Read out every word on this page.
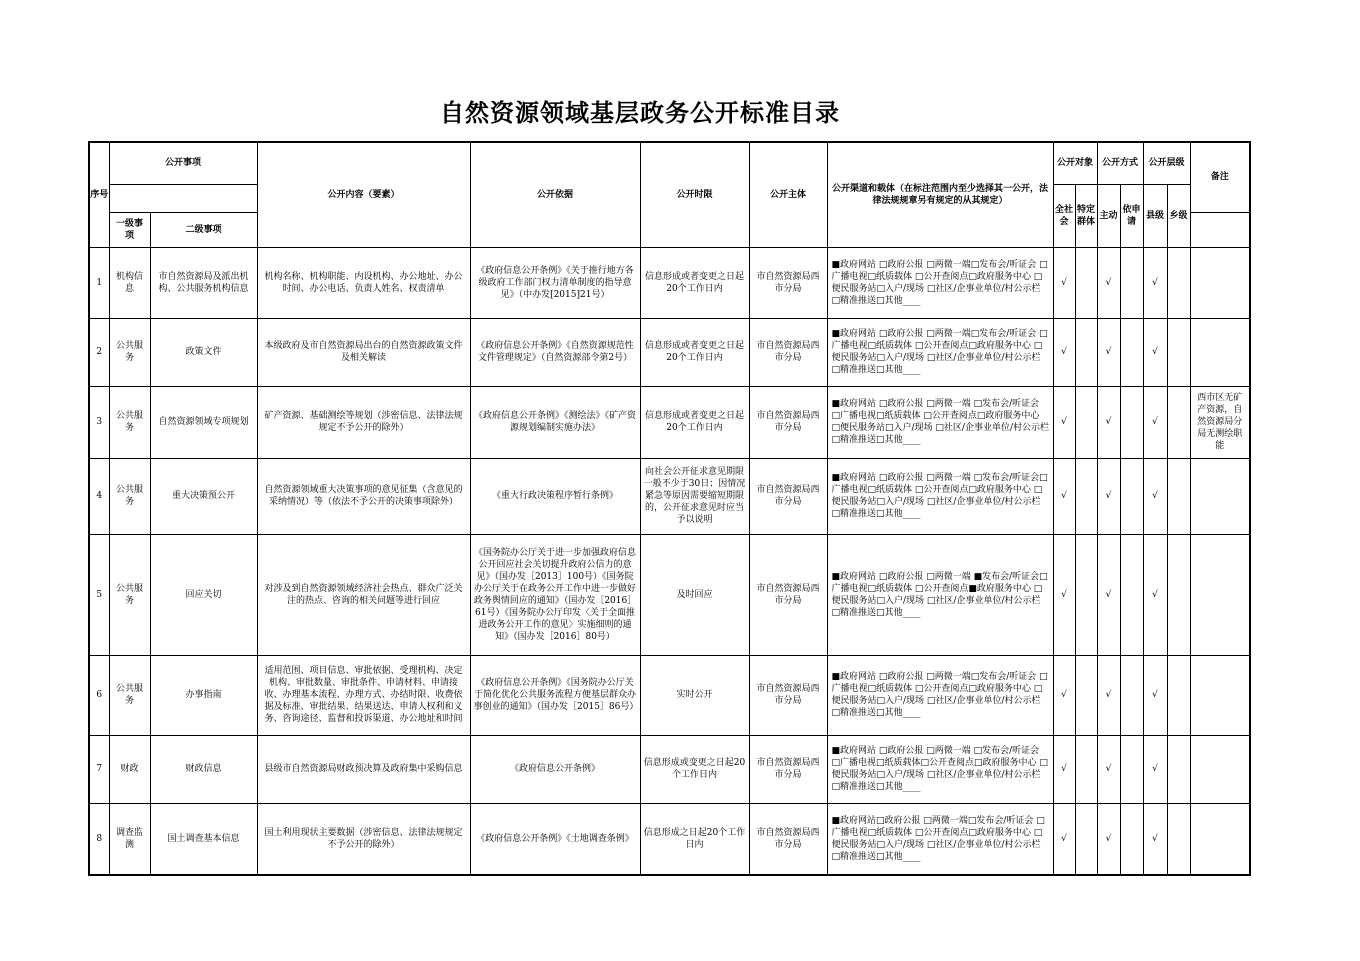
自然资源领域基层政务公开标准目录
序号	公开事项		公开内容（要素）	公开依据	公开时限	公开主体	公开渠道和载体（在标注范围内至少选择其一公开，法律法规规章另有规定的从其规定）	公开对象		公开方式		公开层级		备注
								全社会	特定群体	主动	依申请	县级	乡级	
	一级事项	二级事项												
1	机构信息	市自然资源局及派出机构、公共服务机构信息	机构名称、机构职能、内设机构、办公地址、办公时间、办公电话、负责人姓名、权责清单	《政府信息公开条例》《关于推行地方各级政府工作部门权力清单制度的指导意见》（中办发[2015]21号）	信息形成或者变更之日起20个工作日内	市自然资源局西市分局	■政府网站 □政府公报 □两微一端□发布会/听证会 □广播电视□纸质载体 □公开查阅点□政府服务中心 □便民服务站□入户/现场 □社区/企事业单位/村公示栏 □精准推送□其他____	√		√		√		
2	公共服务	政策文件	本级政府及市自然资源局出台的自然资源政策文件及相关解读	《政府信息公开条例》《自然资源规范性文件管理规定》（自然资源部令第2号）	信息形成或者变更之日起20个工作日内	市自然资源局西市分局	■政府网站 □政府公报 □两微一端□发布会/听证会 □广播电视□纸质载体 □公开查阅点□政府服务中心 □便民服务站□入户/现场 □社区/企事业单位/村公示栏 □精准推送□其他____	√		√		√		
3	公共服务	自然资源领域专项规划	矿产资源、基础测绘等规划（涉密信息、法律法规规定不予公开的除外）	《政府信息公开条例》《测绘法》《矿产资源规划编制实施办法》	信息形成或者变更之日起20个工作日内	市自然资源局西市分局	■政府网站 □政府公报 □两微一端 □发布会/听证会 □广播电视□纸质载体 □公开查阅点□政府服务中心 □便民服务站□入户/现场 □社区/企事业单位/村公示栏 □精准推送□其他____	√		√		√		西市区无矿产资源，自然资源局分局无测绘职能
4	公共服务	重大决策预公开	自然资源领域重大决策事项的意见征集（含意见的采纳情况）等（依法不予公开的决策事项除外）	《重大行政决策程序暂行条例》	向社会公开征求意见期限一般不少于30日；因情况紧急等原因需要缩短期限的，公开征求意见时应当予以说明	市自然资源局西市分局	■政府网站 □政府公报 □两微一端 □发布会/听证会□广播电视□纸质载体 □公开查阅点□政府服务中心 □便民服务站□入户/现场 □社区/企事业单位/村公示栏 □精准推送□其他____	√		√		√		
5	公共服务	回应关切	对涉及到自然资源领域经济社会热点、群众广泛关注的热点、咨询的相关问题等进行回应	《国务院办公厅关于进一步加强政府信息公开回应社会关切提升政府公信力的意见》（国办发［2013］100号）《国务院办公厅关于在政务公开工作中进一步做好政务舆情回应的通知》（国办发［2016］61号）《国务院办公厅印发〈关于全面推进政务公开工作的意见〉实施细则的通知》（国办发［2016］80号）	及时回应	市自然资源局西市分局	■政府网站 □政府公报 □两微一端 ■发布会/听证会□广播电视□纸质载体 □公开查阅点■政府服务中心 □便民服务站□入户/现场 □社区/企事业单位/村公示栏 □精准推送□其他____	√		√		√		
6	公共服务	办事指南	适用范围、项目信息、审批依据、受理机构、决定机构、审批数量、审批条件、申请材料、申请接收、办理基本流程、办理方式、办结时限、收费依据及标准、审批结果、结果送达、申请人权利和义务、咨询途径、监督和投诉渠道、办公地址和时间	《政府信息公开条例》《国务院办公厅关于简化优化公共服务流程方便基层群众办事创业的通知》（国办发［2015］86号）	实时公开	市自然资源局西市分局	■政府网站 □政府公报 □两微一端□发布会/听证会 □广播电视□纸质载体 □公开查阅点□政府服务中心 □便民服务站□入户/现场 □社区/企事业单位/村公示栏 □精准推送□其他____	√		√		√		
7	财政	财政信息	县级市自然资源局财政预决算及政府集中采购信息	《政府信息公开条例》	信息形成或变更之日起20个工作日内	市自然资源局西市分局	■政府网站 □政府公报 □两微一端 □发布会/听证会 □广播电视□纸质载体□公开查阅点□政府服务中心 □便民服务站□入户/现场 □社区/企事业单位/村公示栏 □精准推送□其他____	√		√		√		
8	调查监测	国土调查基本信息	国土利用现状主要数据（涉密信息、法律法规规定不予公开的除外）	《政府信息公开条例》《土地调查条例》	信息形成之日起20个工作日内	市自然资源局西市分局	■政府网站□政府公报 □两微一端□发布会/听证会 □广播电视□纸质载体 □公开查阅点□政府服务中心 □便民服务站□入户/现场 □社区/企事业单位/村公示栏 □精准推送□其他____	√		√		√		
